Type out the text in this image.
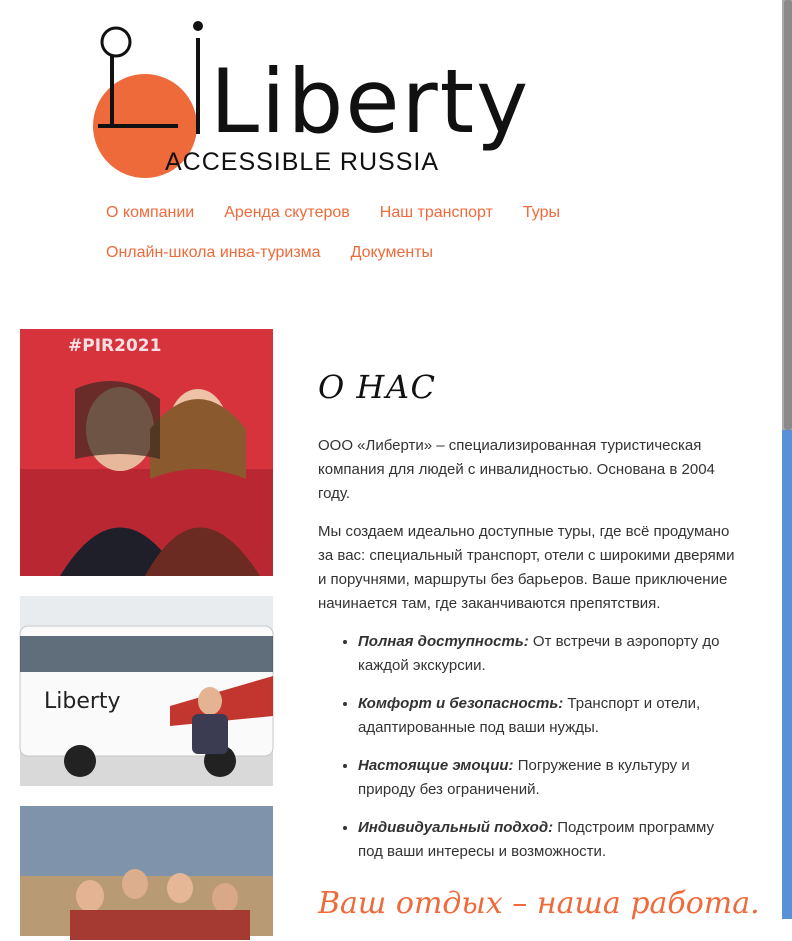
Liberty
ACCESSIBLE RUSSIA
О компании Аренда скутеров Наш транспорт Туры
Онлайн-школа инва-туризма Документы
#PIR2021
Liberty
О НАС

ООО «Либерти» – специализированная туристическая компания для людей с инвалидностью. Основана в 2004 году.

Мы создаем идеально доступные туры, где всё продумано за вас: специальный транспорт, отели с широкими дверями и поручнями, маршруты без барьеров. Ваше приключение начинается там, где заканчиваются препятствия.

• Полная доступность: От встречи в аэропорту до каждой экскурсии.
• Комфорт и безопасность: Транспорт и отели, адаптированные под ваши нужды.
• Настоящие эмоции: Погружение в культуру и природу без ограничений.
• Индивидуальный подход: Подстроим программу под ваши интересы и возможности.
Ваш отдых – наша работа.
